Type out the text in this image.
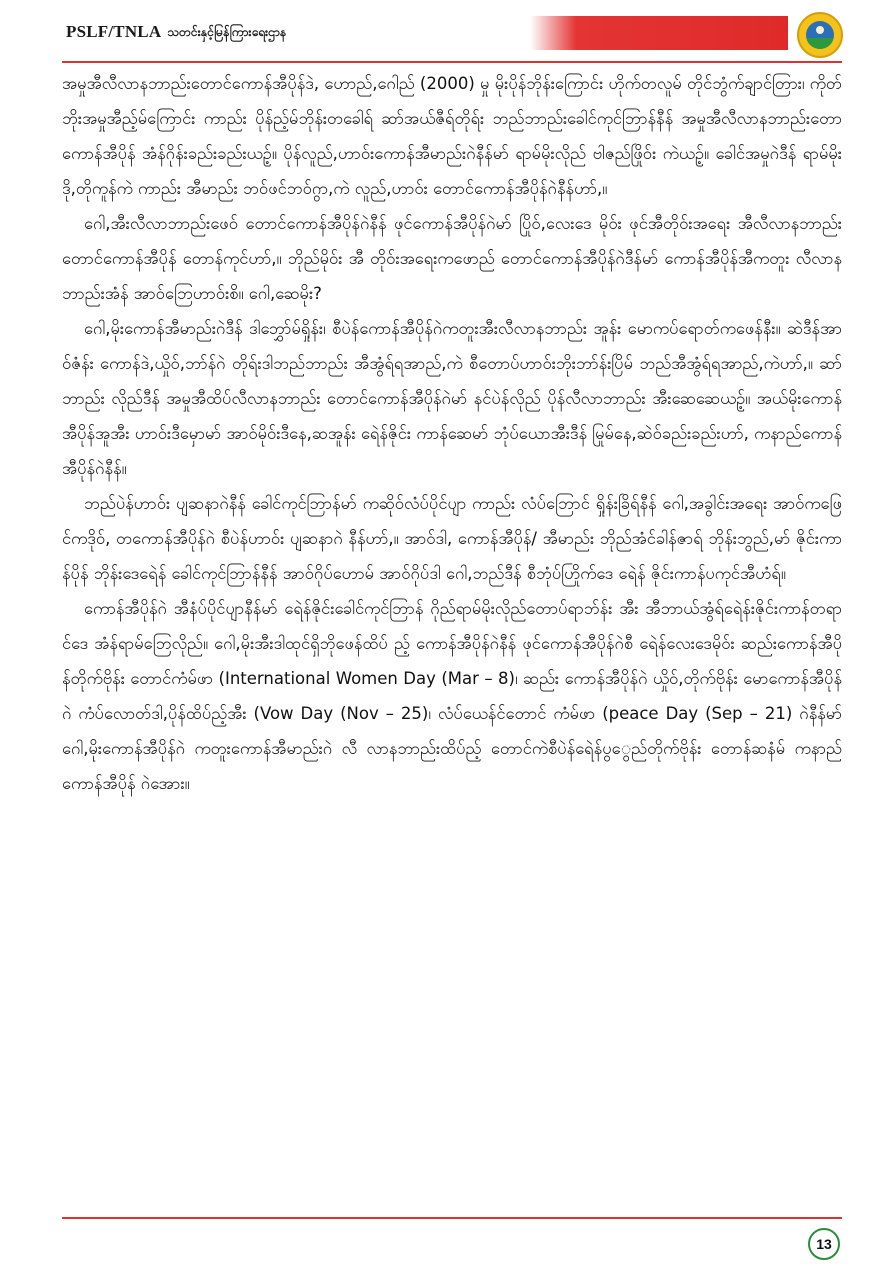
PSLF/TNLA သတင်းနှင့်မြန်ကြားရေးဌာန

အမှုအီလီလာနဘာည်းတောင်ကောန်အီပိုန်ဒဲ, ဟောည်,ဂေါည် (2000) မှု မိုးပိုန်ဘိုန်းကြောင်း ဟိုက်တလူမ် တိုင်ဘွံက်ချာင်တြား၊ ကိုတ်ဘိုးအမှုအီည့်မ်ကြောင်း ကာည်း ပိုန်ည့်မ်ဘိုန်းတခေါရ် ဆာ်အယ်ဇီရ်တိုရ်း ဘည်ဘာည်းခေါင်ကုင်ဘြာန်နီန် အမှုအီလီလာနဘာည်းတောကောန်အီပိုန် အံန်ဂိုန်းခည်းခည်းယဉ့်။ ပိုန်လူည်,ဟာဝ်းကောန်အီမာည်းဂဲနီန်မာ် ရာမ်မိုးလိုည် ဗါဇည်ဖြိုဝ်း ကဲယဉ့်။ ခေါင်အမှုဂဲဒီန် ရာမ်မိုးဒို,တိုကူန်ကဲ ကာည်း အီမာည်း ဘဝ်ဖင်ဘဝ်ဂွာ,ကဲ လူည်,ဟာဝ်း တောင်ကောန်အီပိုန်ဂဲနီန်ဟာ်,။

ဂေါ,အီးလီလာဘာည်းဖေဝ် တောင်ကောန်အီပိုန်ဂဲနီန် ဖုင်ကောန်အီပိုန်ဂဲမာ် ပြိုဝ်,လေးဒေ မိုဝ်း ဖုင်အီတိုဝ်းအရေး အီလီလာနဘာည်း တောင်ကောန်အီပိုန် တောန်ကုင်ဟာ်,။ ဘိုည်မိုဝ်း အီ တိုဝ်းအရေးကဖောည် တောင်ကောန်အီပိုန်ဂဲဒီန်မာ် ကောန်အီပိုန်အီကတူး လီလာနဘာည်းအံန် အာဝ်ဘြေဟာဝ်းစိ။ ဂေါ,ဆေမိုး?

ဂေါ,မိုးကောန်အီမာည်းဂဲဒီန် ဒါဘွှော်မ်ရှိုန်း၊ စီပဲန်ကောန်အီပိုန်ဂဲကတူးအီးလီလာနဘာည်း အူန်း မောကပ်ရောတ်ကဖေန်နီး။ ဆဲဒီန်အာဝ်ဇံန်း ကောန်ဒဲ,ယှိုဝ်,ဘာ်န်ဂဲ တိုရ်းဒါဘည်ဘာည်း အီအွံရ်ရအာည်,ကဲ စီတောပ်ဟာဝ်းဘိုးဘာ်န်းပြိမ် ဘည်အီအွံရ်ရအာည်,ကဲဟာ်,။ ဆာ်ဘာည်း လိုည်ဒီန် အမှုအီထိပ်လီလာနဘာည်း တောင်ကောန်အီပိုန်ဂဲမာ် နင်ပဲန်လိုည် ပိုန်လီလာဘာည်း အီးဆေဆေယဉ့်။ အယ်မိုးကောန်အီပိုန်အူအီး ဟာဝ်းဒီမှောမာ် အာဝ်မိုဝ်းဒီနေ,ဆအူန်း ရေဲန်ဇိုင်း ကာန်ဆေမာ် ဘုံပ်ယောအီးဒီန် မြုမ်နေ,ဆဲဝ်ခည်းခည်းဟာ်, ကနာည်ကောန်အီပိုန်ဂဲနီန်။

ဘည်ပဲန်ဟာဝ်း ပျဆနာဂဲနီန် ခေါင်ကုင်ဘြာန်မာ် ကဆိုဝ်လံပ်ပိုင်ပျာ ကာည်း လံပ်ဘြောင် ရှိုန်းခြိရ်နီန် ဂေါ,အခွါင်းအရေး အာဝ်ကဖြေင်ကဒိုဝ်, တကောန်အီပိုန်ဂဲ စီပဲန်ဟာဝ်း ပျဆနာဂဲ နီန်ဟာ်,။ အာဝ်ဒါ, ကောန်အီပိုန်/ အီမာည်း ဘိုည်အံင်ခါန်ဇာရ် ဘိုန်းဘွည်,မာ် ဇိုင်းကာန်ပိုန် ဘိုန်းဒေရေဲန် ခေါင်ကုင်ဘြာန်နီန် အာဝ်ဂိုပ်ဟောမ် အာဝ်ဂိုပ်ဒါ ဂေါ,ဘည်ဒီန် စီဘုံပ်ဟြိုက်ဒေ ရေဲန် ဇိုင်းကာန်ပကုင်အီဟံရ်။

ကောန်အီပိုန်ဂဲ အီနံပ်ပိုင်ပျာနီန်မာ် ရေဲန်ဇိုင်းခေါင်ကုင်ဘြာန် ဂိုည်ရာမ်မိုးလိုည်တောပ်ရာဘ်န်း အီး အီဘာယ်အွံရ်ရေဲန်းဇိုင်းကာန်တရာင်ဒေ အံန်ရာမ်ဘြေလိုည်။ ဂေါ,မိုးအီးဒါထုင်ရှိဘိုဖေန်ထိပ် ည့် ကောန်အီပိုန်ဂဲနီန် ဖုင်ကောန်အီပိုန်ဂဲစီ ရေဲန်လေးဒေမိုဝ်း ဆည်းကောန်အီပိုန်တိုက်ဗိုန်း တောင်ကံမ်ဖာ (International Women Day (Mar – 8)၊ ဆည်း ကောန်အီပိုန်ဂဲ ယှိုဝ်,တိုက်ဗိုန်း မောကောန်အီပိုန်ဂဲ ကံပ်လောတ်ဒါ,ပိုန်ထိပ်ည့်အီး (Vow Day (Nov – 25)၊ လံပ်ယေန်င်တောင် ကံမ်ဖာ (peace Day (Sep – 21) ဂဲနီန်မာ် ဂေါ,မိုးကောန်အီပိုန်ဂဲ ကတူးကောန်အီမာည်းဂဲ လီ လာနဘာည်းထိပ်ည့် တောင်ကဲစီပဲန်ရေဲန်ပွွေည်တိုက်ဗိုန်း တောန်ဆနံမ် ကနာည်ကောန်အီပိုန် ဂဲအေား။

13
